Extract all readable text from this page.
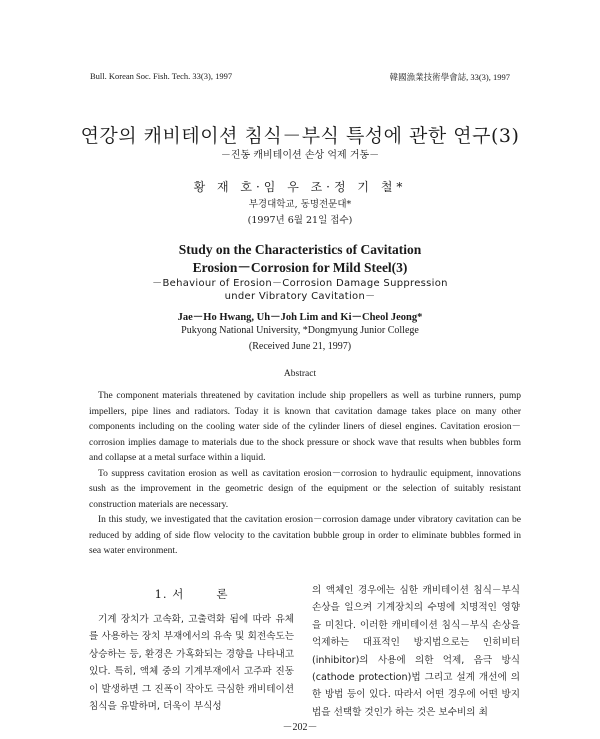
Bull. Korean Soc. Fish. Tech. 33(3), 1997	韓國漁業技術學會誌, 33(3), 1997
연강의 캐비테이션 침식－부식 특성에 관한 연구(3)
－진동 캐비테이션 손상 억제 거동－
황 재 호·임 우 조·정 기 철*
부경대학교, 동명전문대*
(1997년 6월 21일 접수)
Study on the Characteristics of Cavitation
Erosion－Corrosion for Mild Steel(3)
－Behaviour of Erosion－Corrosion Damage Suppression
under Vibratory Cavitation－
Jae－Ho Hwang, Uh－Joh Lim and Ki－Cheol Jeong*
Pukyong National University, *Dongmyung Junior College
(Received June 21, 1997)
Abstract

The component materials threatened by cavitation include ship propellers as well as turbine runners, pump impellers, pipe lines and radiators. Today it is known that cavitation damage takes place on many other components including on the cooling water side of the cylinder liners of diesel engines. Cavitation erosion－corrosion implies damage to materials due to the shock pressure or shock wave that results when bubbles form and collapse at a metal surface within a liquid.

To suppress cavitation erosion as well as cavitation erosion－corrosion to hydraulic equipment, innovations sush as the improvement in the geometric design of the equipment or the selection of suitably resistant construction materials are necessary.

In this study, we investigated that the cavitation erosion－corrosion damage under vibratory cavitation can be reduced by adding of side flow velocity to the cavitation bubble group in order to eliminate bubbles formed in sea water environment.

1. 서	론

기계 장치가 고속화, 고출력화 됨에 따라 유체를 사용하는 장치 부재에서의 유속 및 회전속도는 상승하는 등, 환경은 가혹화되는 경향을 나타내고 있다. 특히, 액체 중의 기계부재에서 고주파 진동이 발생하면 그 진폭이 작아도 극심한 캐비테이션 침식을 유발하며, 더욱이 부식성

의 액체인 경우에는 심한 캐비테이션 침식－부식 손상을 일으켜 기계장치의 수명에 치명적인 영향을 미친다. 이러한 캐비테이션 침식－부식 손상을 억제하는 대표적인 방지법으로는 인히비터(inhibitor)의 사용에 의한 억제, 음극 방식(cathode protection)법 그리고 설계 개선에 의한 방법 등이 있다. 따라서 어떤 경우에 어떤 방지법을 선택할 것인가 하는 것은 보수비의 최

－202－
